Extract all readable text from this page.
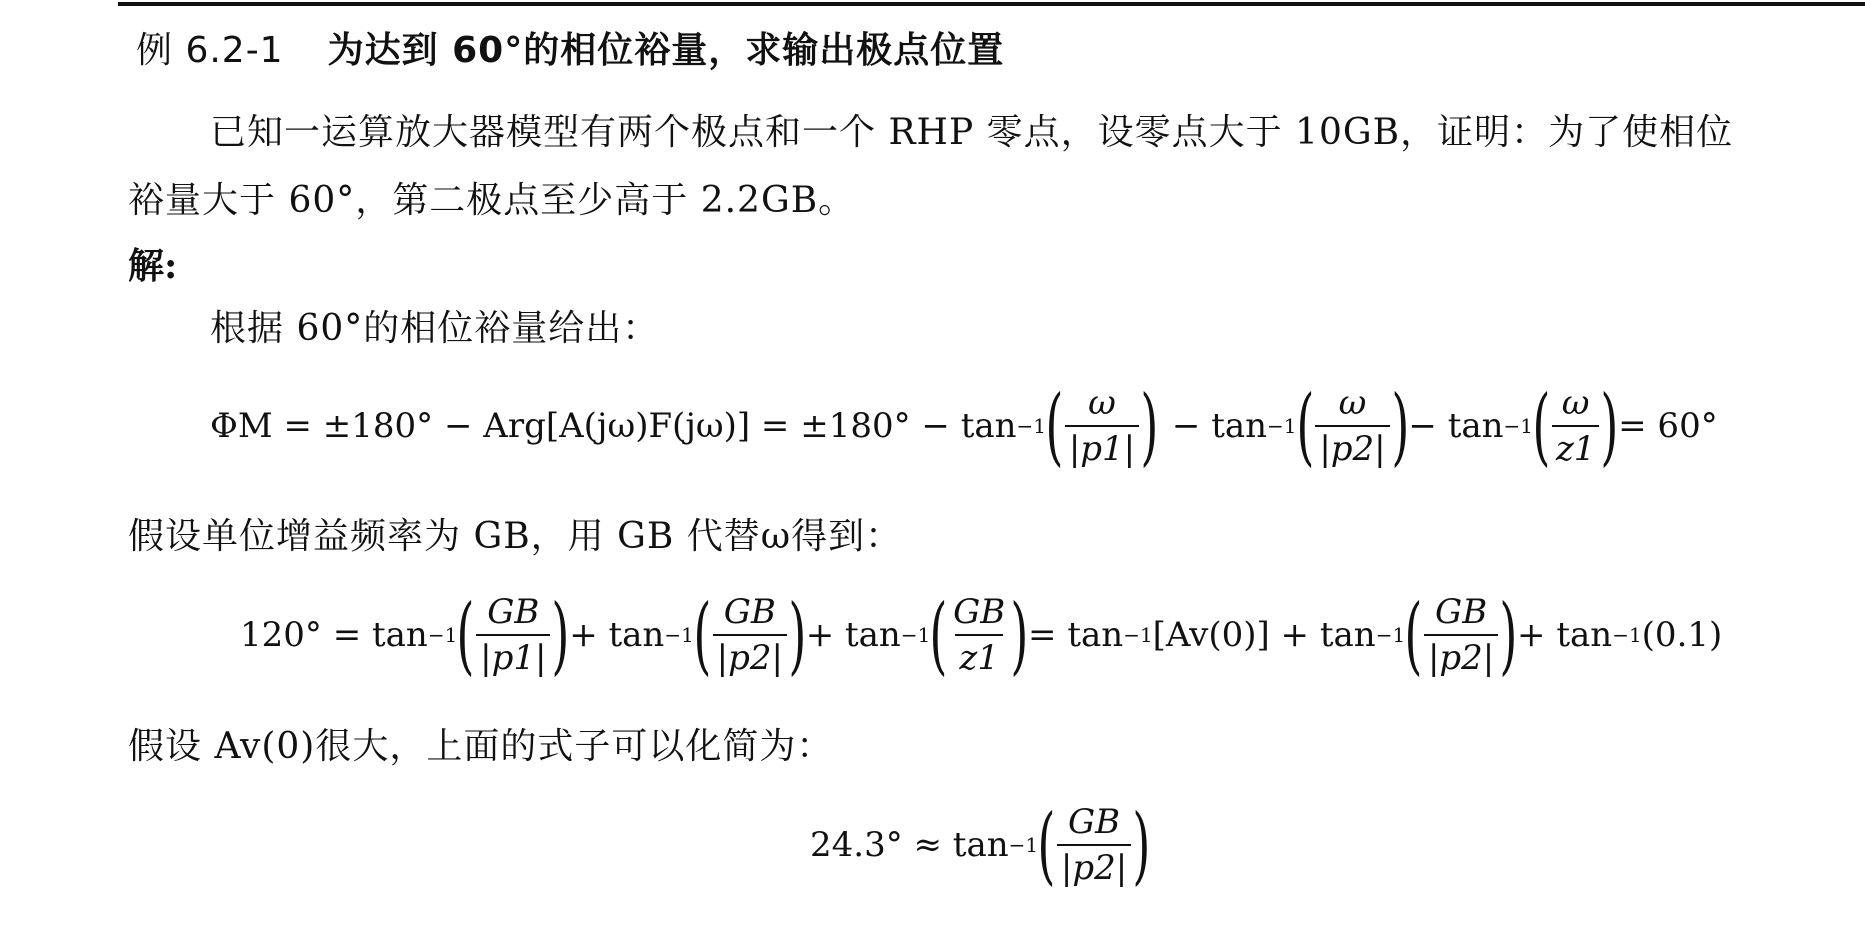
例 6.2-1 为达到 60°的相位裕量，求输出极点位置
已知一运算放大器模型有两个极点和一个 RHP 零点，设零点大于 10GB，证明：为了使相位
裕量大于 60°，第二极点至少高于 2.2GB。
解:
根据 60°的相位裕量给出：
ΦM = ±180° − Arg[A(jω)F(jω)] = ±180° − tan −1 ( $\frac{\omega}{|p1|}$ ) − tan −1 ( $\frac{\omega}{|p2|}$ ) − tan −1 ( $\frac{\omega}{z1}$ ) = 60°
假设单位增益频率为 GB，用 GB 代替ω得到：
120° = tan −1 ( $\frac{GB}{|p1|}$ ) + tan −1 ( $\frac{GB}{|p2|}$ ) + tan −1 ( $\frac{GB}{z1}$ ) = tan −1 [Av(0)] + tan −1 ( $\frac{GB}{|p2|}$ ) + tan −1 (0.1)
假设 Av(0)很大，上面的式子可以化简为：
24.3° ≈ tan −1 ( $\frac{GB}{|p2|}$ )
